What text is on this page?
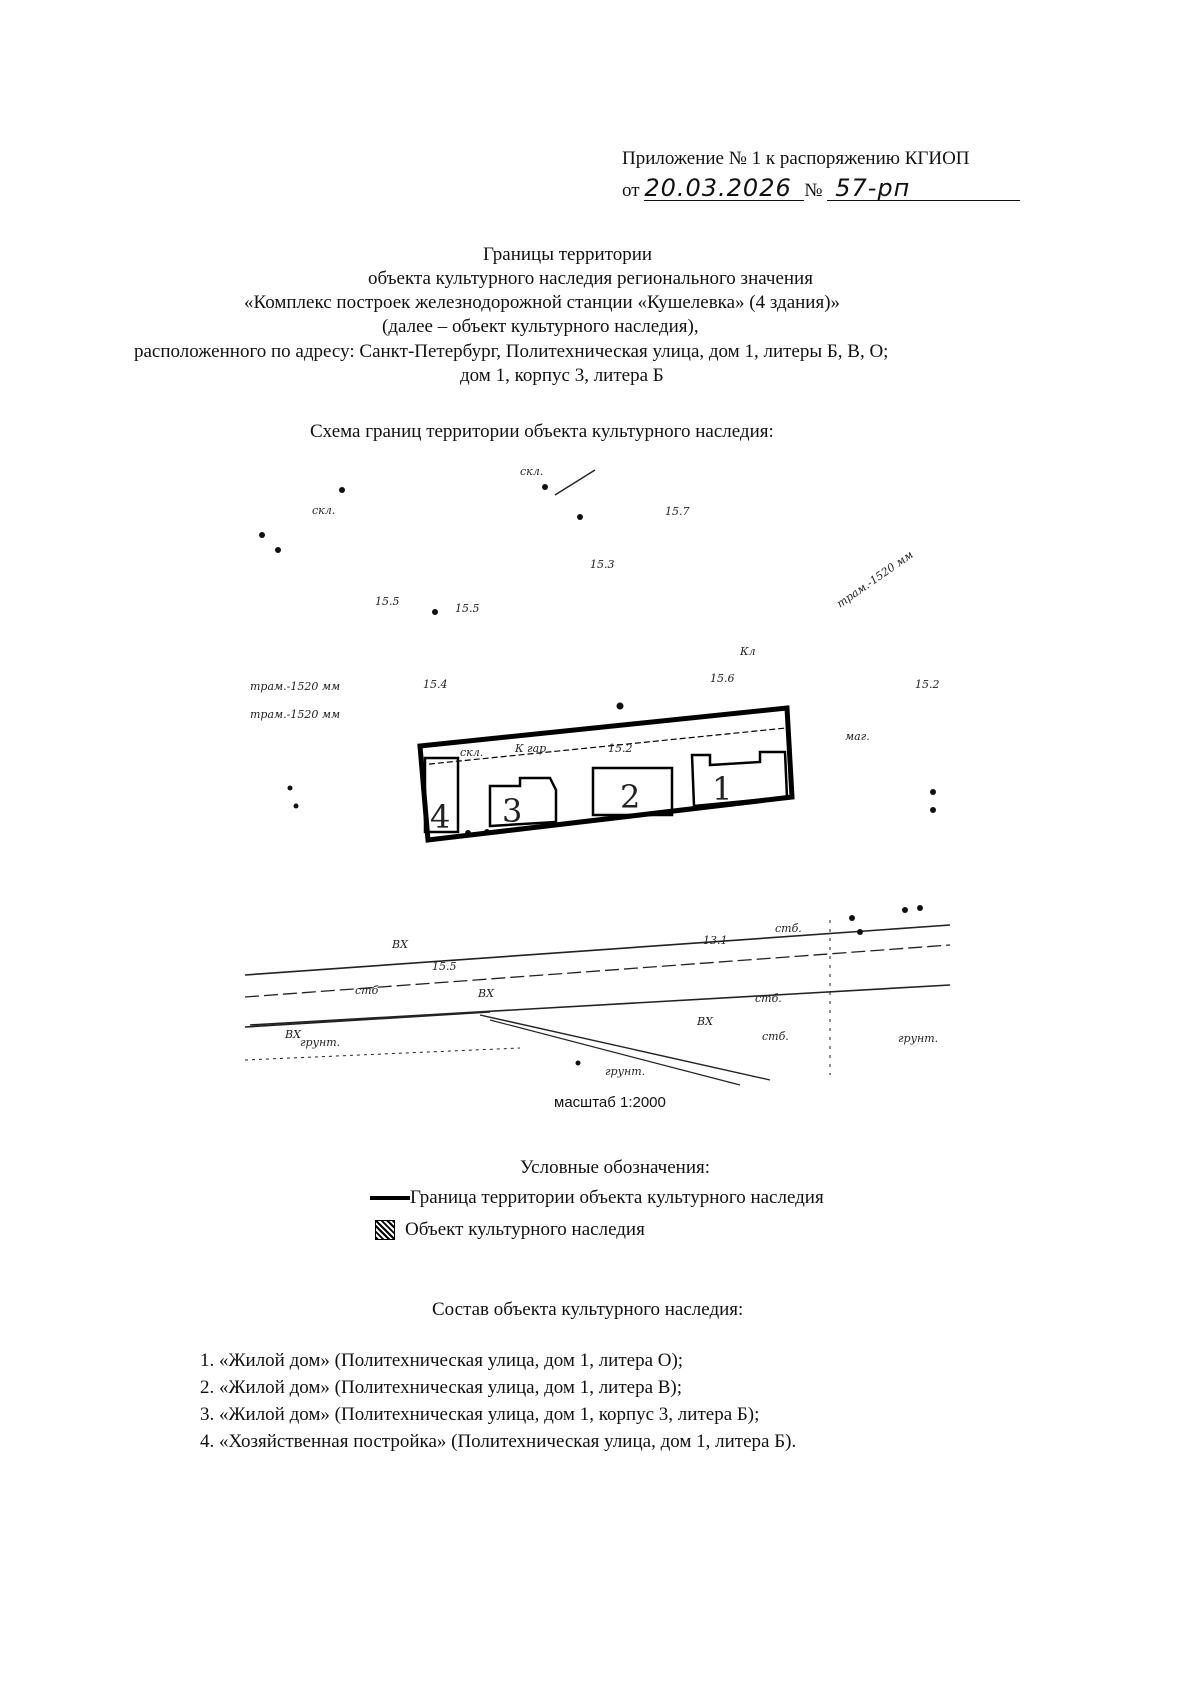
Приложение № 1 к распоряжению КГИОП
от 20.03.2026 № 57-рп
Границы территории
объекта культурного наследия регионального значения
«Комплекс построек железнодорожной станции «Кушелевка» (4 здания)»
(далее – объект культурного наследия),
расположенного по адресу: Санкт-Петербург, Политехническая улица, дом 1, литеры Б, В, О;
дом 1, корпус 3, литера Б
Схема границ территории объекта культурного наследия:
4 3	2 1
трам.-1520 мм
трам.-1520 мм
трам.-1520 мм
ВХ
ВХ
ВХ
ВХ
стб
стб.
стб.
стб.
грунт.
грунт.
грунт.
скл.
скл.
скл.
Кл
К гар
маг.
15.5
15.5
15.7
15.2
15.4
15.2
13.1
15.3
15.6
15.5
масштаб 1:2000
Условные обозначения:
Граница территории объекта культурного наследия
Объект культурного наследия
Состав объекта культурного наследия:
1. «Жилой дом» (Политехническая улица, дом 1, литера О);
2. «Жилой дом» (Политехническая улица, дом 1, литера В);
3. «Жилой дом» (Политехническая улица, дом 1, корпус 3, литера Б);
4. «Хозяйственная постройка» (Политехническая улица, дом 1, литера Б).
